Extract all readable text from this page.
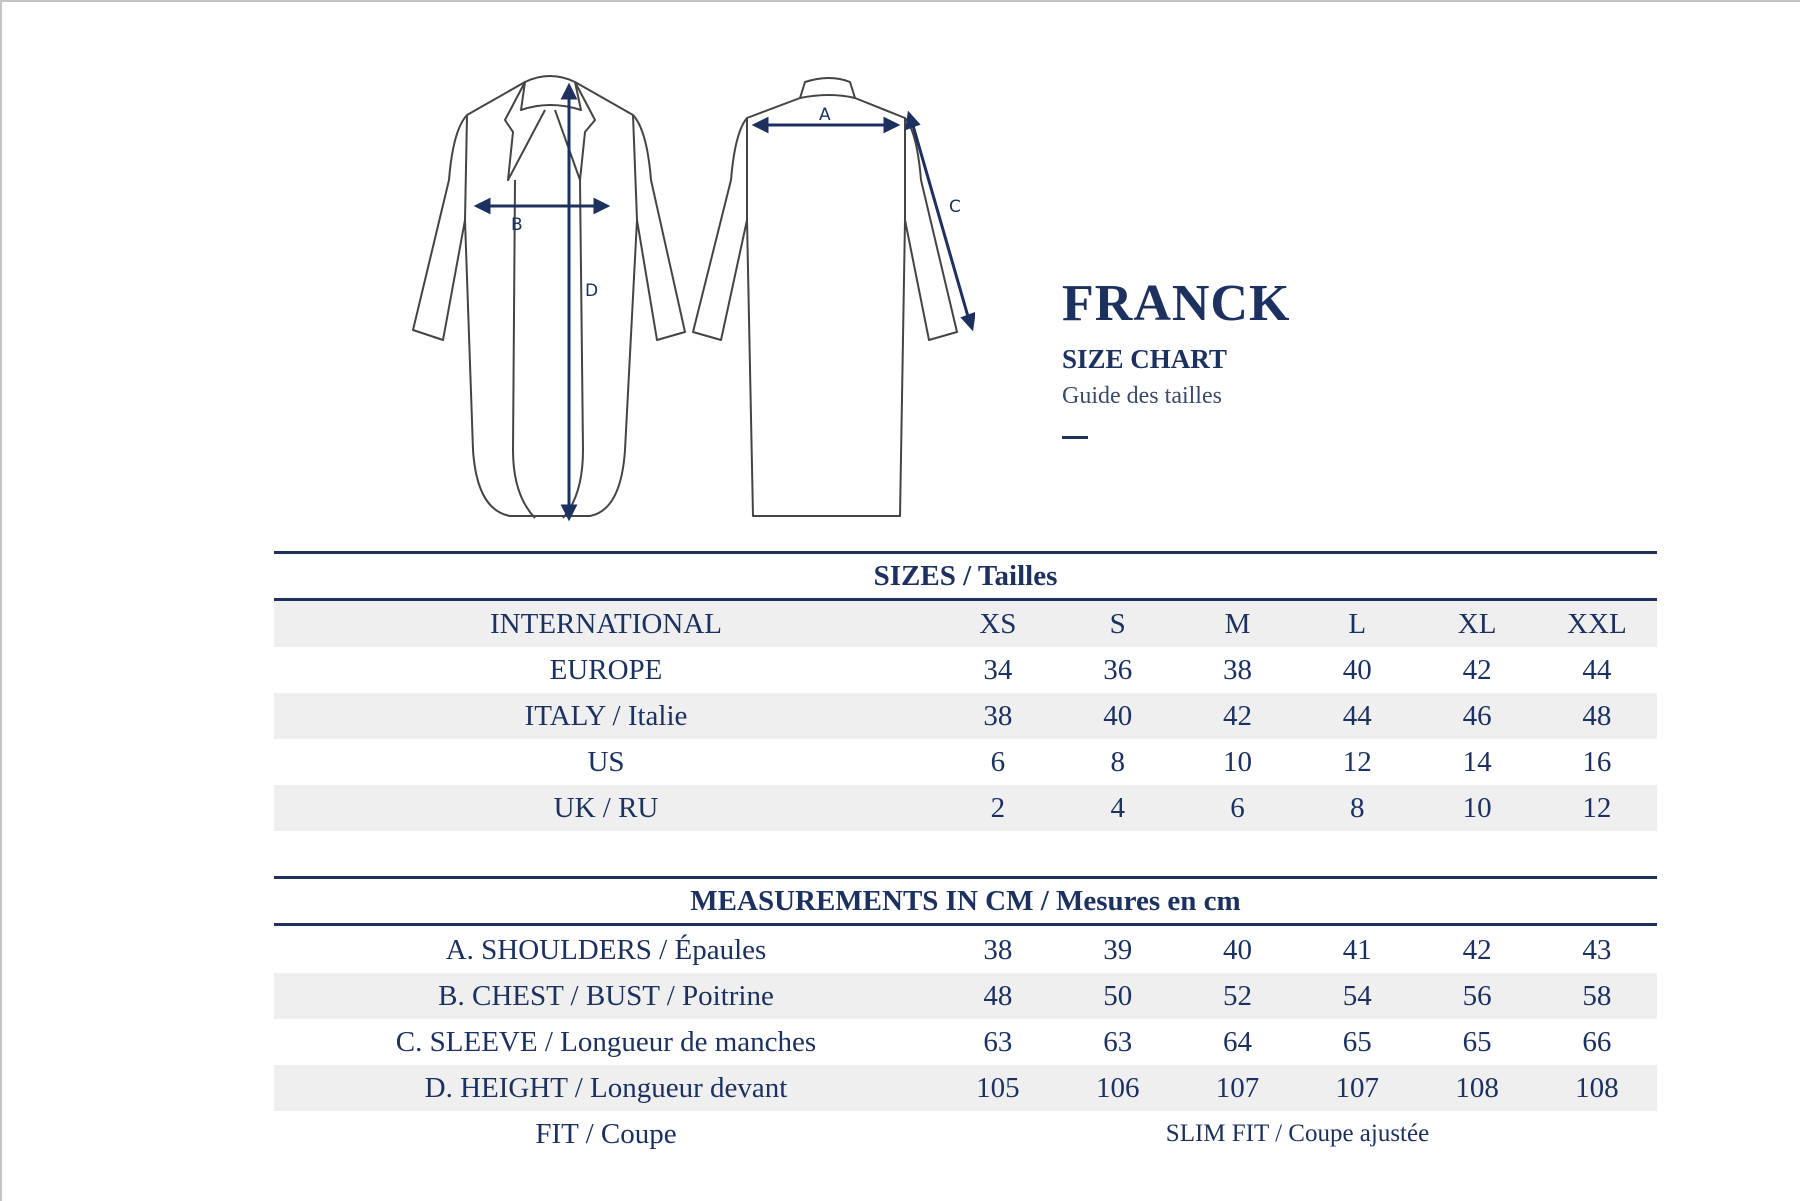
B
D
A
C
FRANCK
SIZE CHART
Guide des tailles
SIZES / Tailles
INTERNATIONAL	XS	S	M	L	XL	XXL
EUROPE	34	36	38	40	42	44
ITALY / Italie	38	40	42	44	46	48
US	6	8	10	12	14	16
UK / RU	2	4	6	8	10	12
MEASUREMENTS IN CM / Mesures en cm
A. SHOULDERS / Épaules	38	39	40	41	42	43
B. CHEST / BUST / Poitrine	48	50	52	54	56	58
C. SLEEVE / Longueur de manches	63	63	64	65	65	66
D. HEIGHT / Longueur devant	105	106	107	107	108	108
FIT / Coupe	SLIM FIT / Coupe ajustée
